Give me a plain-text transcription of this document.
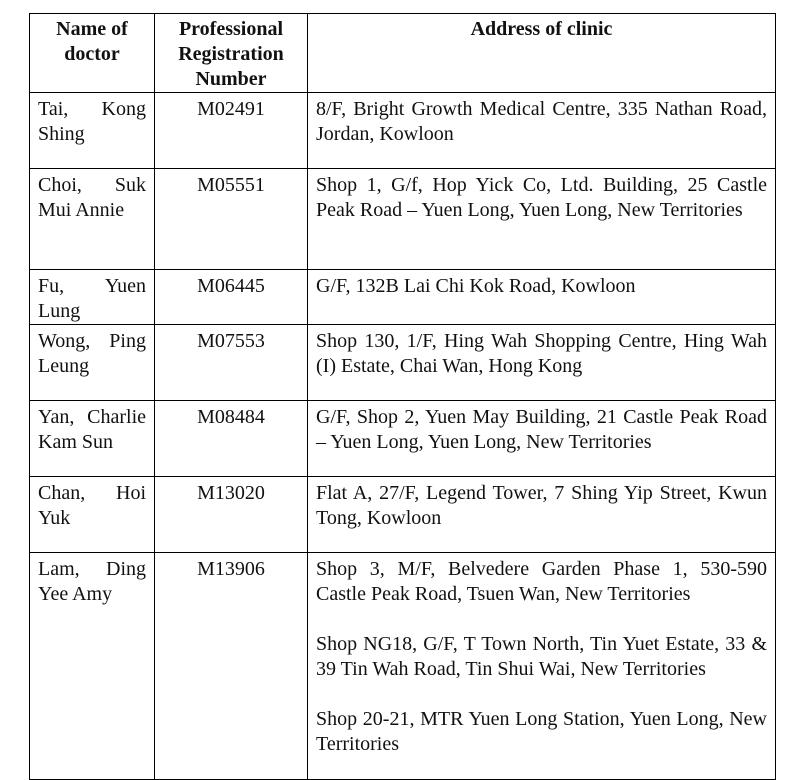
Name of doctor	Professional Registration Number	Address of clinic

Tai, Kong Shing	M02491	8/F, Bright Growth Medical Centre, 335 Nathan Road, Jordan, Kowloon

Choi, Suk Mui Annie	M05551	Shop 1, G/f, Hop Yick Co, Ltd. Building, 25 Castle Peak Road – Yuen Long, Yuen Long, New Territories

Fu, Yuen Lung	M06445	G/F, 132B Lai Chi Kok Road, Kowloon

Wong, Ping Leung	M07553	Shop 130, 1/F, Hing Wah Shopping Centre, Hing Wah (I) Estate, Chai Wan, Hong Kong

Yan, Charlie Kam Sun	M08484	G/F, Shop 2, Yuen May Building, 21 Castle Peak Road – Yuen Long, Yuen Long, New Territories

Chan, Hoi Yuk	M13020	Flat A, 27/F, Legend Tower, 7 Shing Yip Street, Kwun Tong, Kowloon

Lam, Ding Yee Amy	M13906	Shop 3, M/F, Belvedere Garden Phase 1, 530-590 Castle Peak Road, Tsuen Wan, New Territories
Shop NG18, G/F, T Town North, Tin Yuet Estate, 33 & 39 Tin Wah Road, Tin Shui Wai, New Territories
Shop 20-21, MTR Yuen Long Station, Yuen Long, New Territories
